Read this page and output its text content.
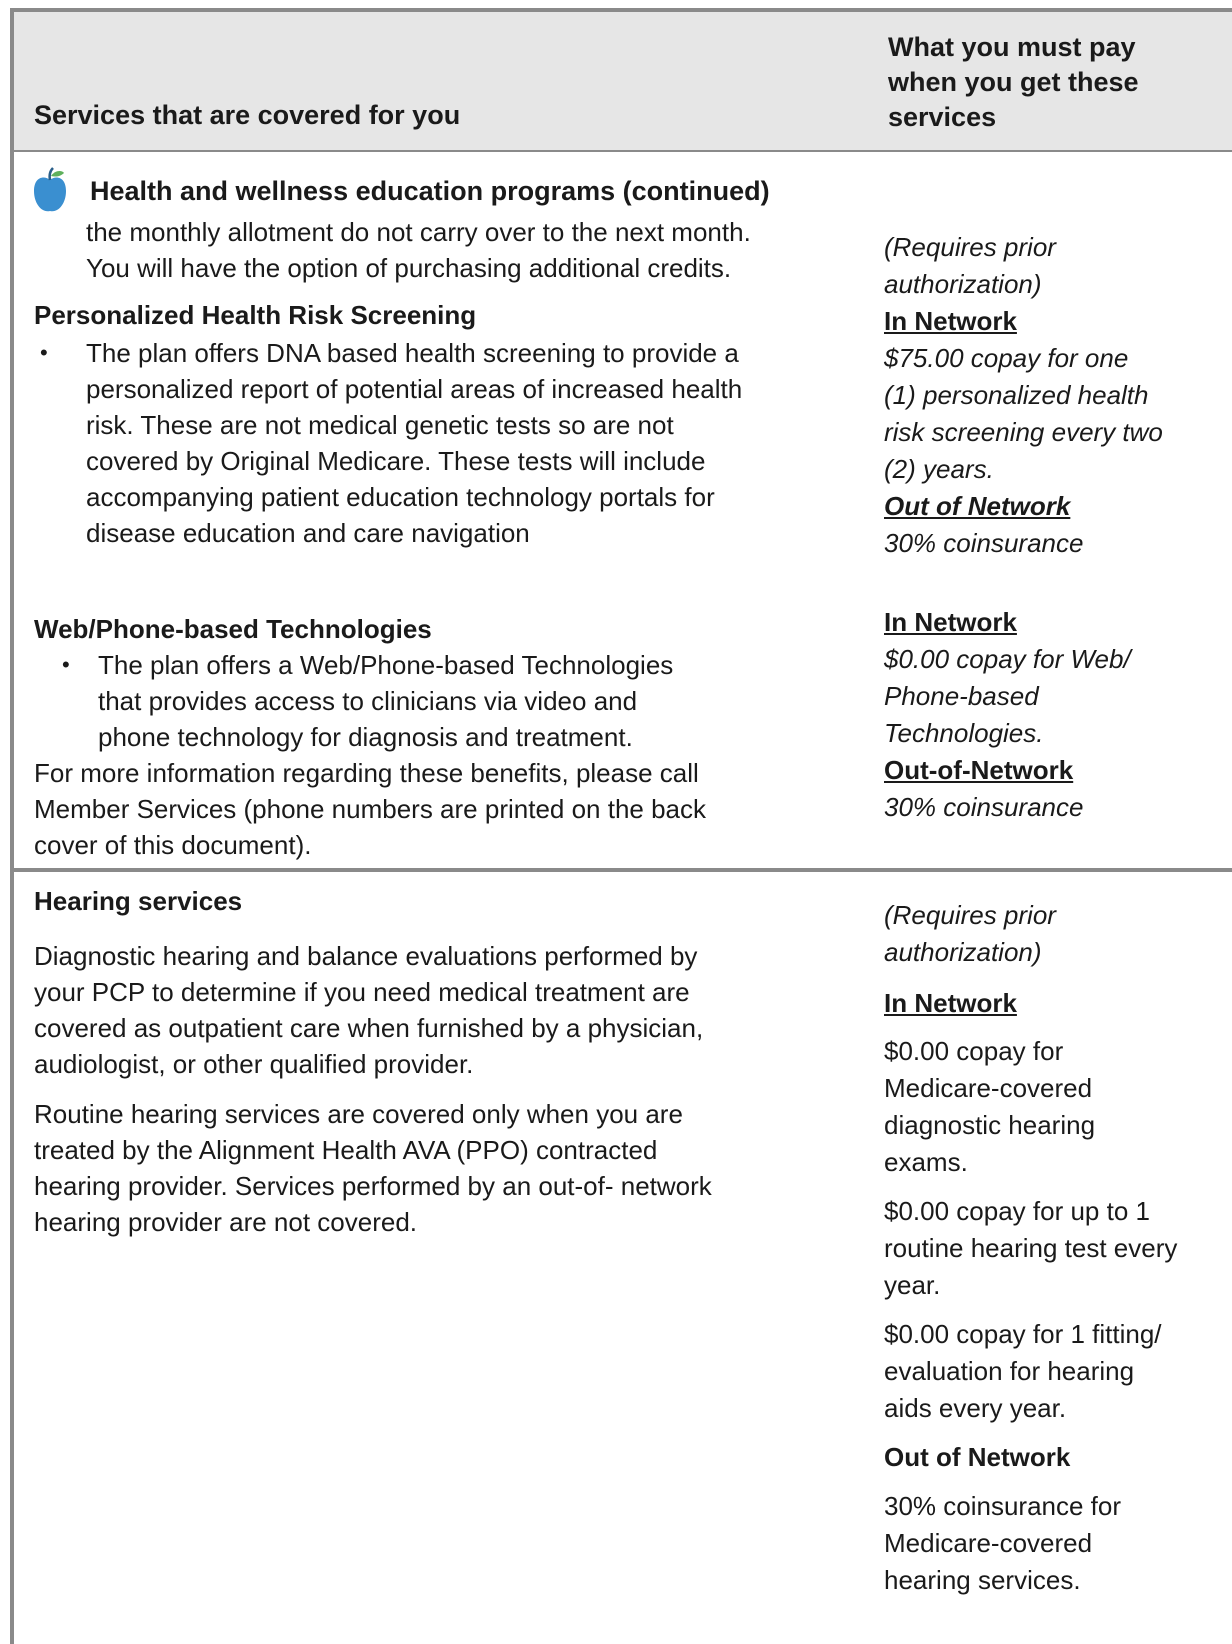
Services that are covered for you
What you must pay
when you get these
services
Health and wellness education programs (continued)
the monthly allotment do not carry over to the next month.
You will have the option of purchasing additional credits.
Personalized Health Risk Screening
• The plan offers DNA based health screening to provide a
personalized report of potential areas of increased health
risk. These are not medical genetic tests so are not
covered by Original Medicare. These tests will include
accompanying patient education technology portals for
disease education and care navigation
Web/Phone-based Technologies
• The plan offers a Web/Phone-based Technologies
that provides access to clinicians via video and
phone technology for diagnosis and treatment.
For more information regarding these benefits, please call
Member Services (phone numbers are printed on the back
cover of this document).
(Requires prior
authorization)
In Network
$75.00 copay for one
(1) personalized health
risk screening every two
(2) years.
Out of Network
30% coinsurance
In Network
$0.00 copay for Web/
Phone-based
Technologies.
Out-of-Network
30% coinsurance
Hearing services
Diagnostic hearing and balance evaluations performed by
your PCP to determine if you need medical treatment are
covered as outpatient care when furnished by a physician,
audiologist, or other qualified provider.
Routine hearing services are covered only when you are
treated by the Alignment Health AVA (PPO) contracted
hearing provider. Services performed by an out-of- network
hearing provider are not covered.
(Requires prior
authorization)
In Network
$0.00 copay for
Medicare-covered
diagnostic hearing
exams.
$0.00 copay for up to 1
routine hearing test every
year.
$0.00 copay for 1 fitting/
evaluation for hearing
aids every year.
Out of Network
30% coinsurance for
Medicare-covered
hearing services.
